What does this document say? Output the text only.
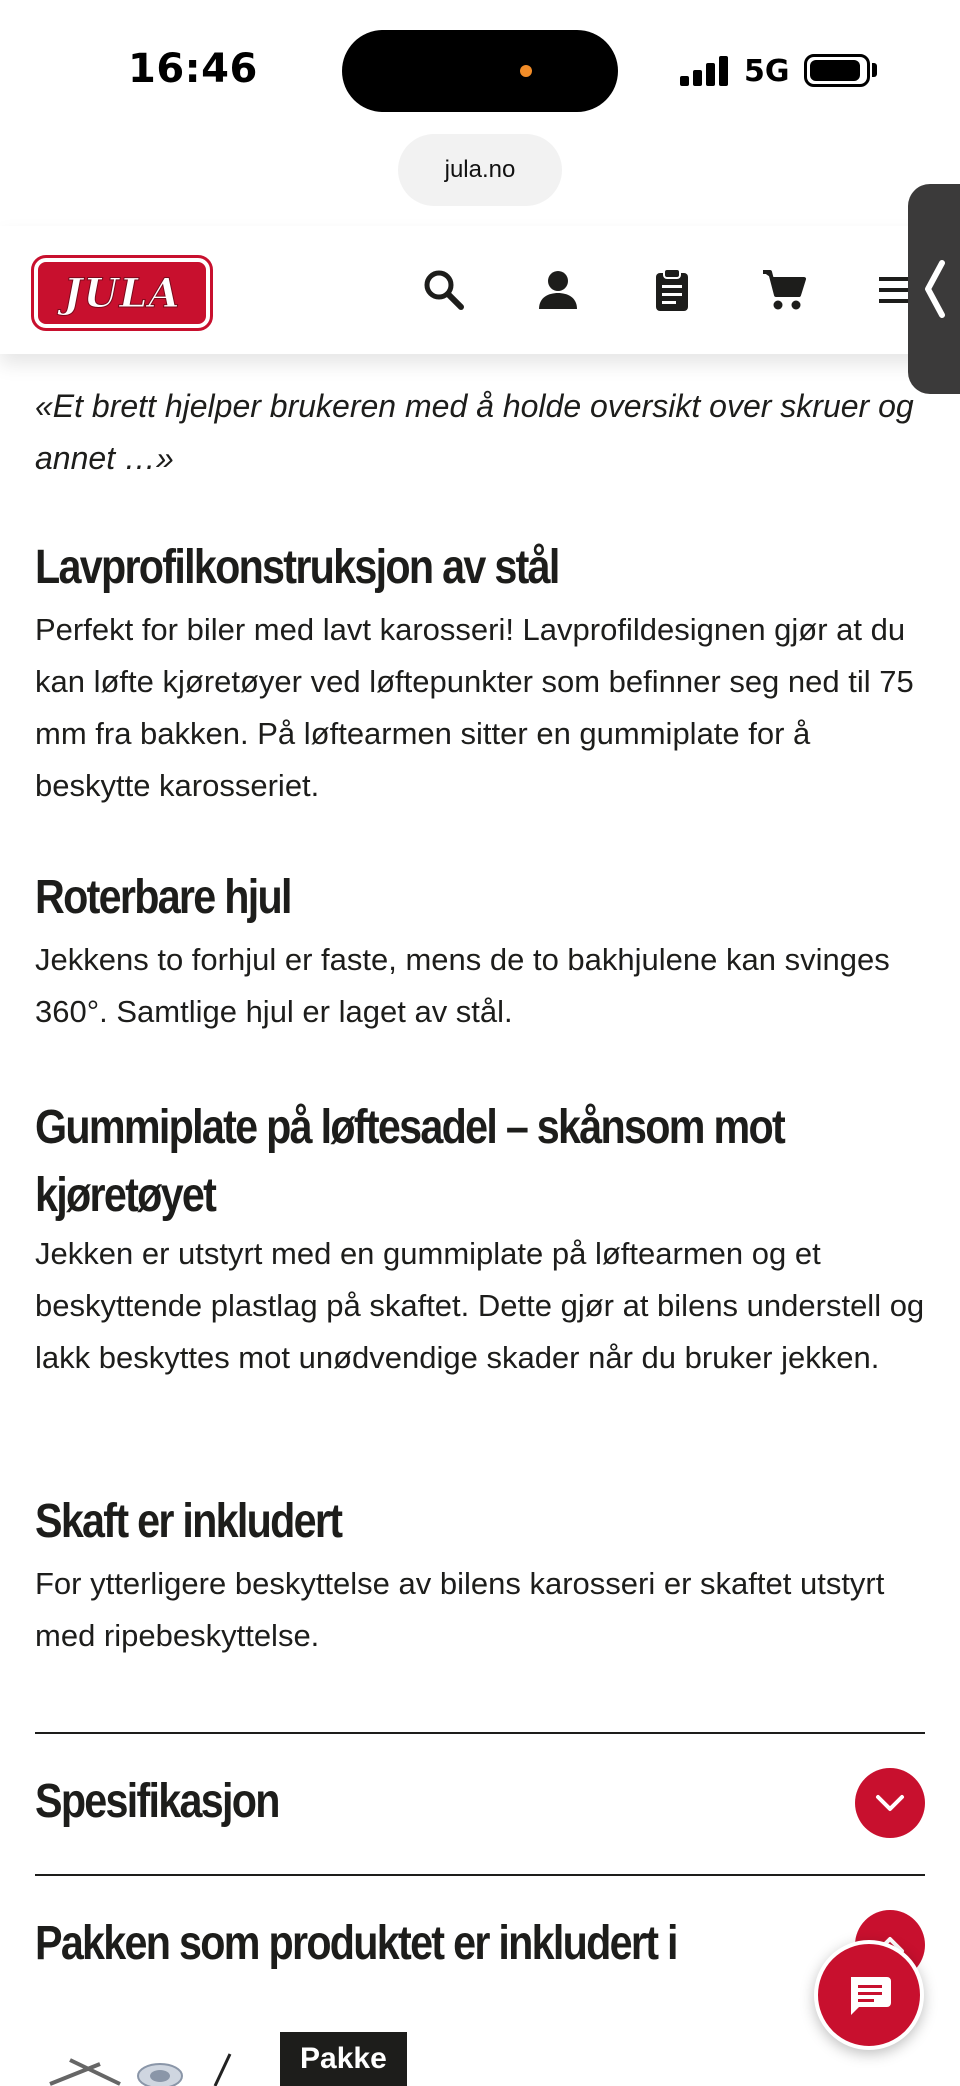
16:46	5G
jula.no
JULA
«Et brett hjelper brukeren med å holde oversikt over skruer og annet …»
Lavprofilkonstruksjon av stål
Perfekt for biler med lavt karosseri! Lavprofildesignen gjør at du kan løfte kjøretøyer ved løftepunkter som befinner seg ned til 75 mm fra bakken. På løftearmen sitter en gummiplate for å beskytte karosseriet.
Roterbare hjul
Jekkens to forhjul er faste, mens de to bakhjulene kan svinges 360°. Samtlige hjul er laget av stål.
Gummiplate på løftesadel – skånsom mot kjøretøyet
Jekken er utstyrt med en gummiplate på løftearmen og et beskyttende plastlag på skaftet. Dette gjør at bilens understell og lakk beskyttes mot unødvendige skader når du bruker jekken.
Skaft er inkludert
For ytterligere beskyttelse av bilens karosseri er skaftet utstyrt med ripebeskyttelse.
Spesifikasjon
Pakken som produktet er inkludert i
Pakke
